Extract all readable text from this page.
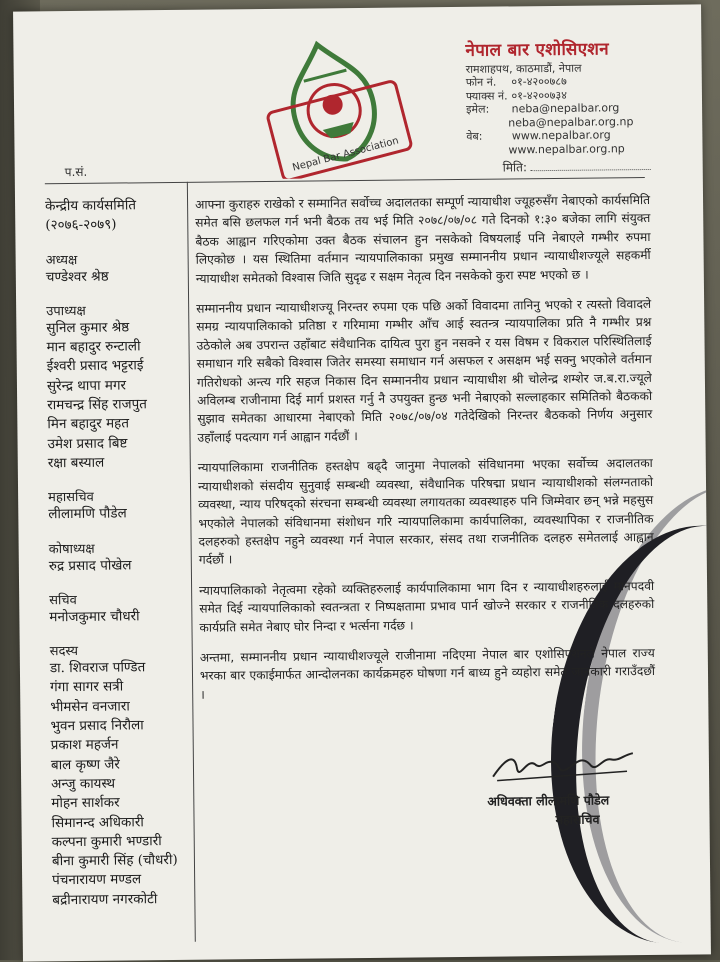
Nepal Bar Association
नेपाल बार एशोसिएशन
रामशाहपथ, काठमाडौं, नेपाल
फोन नं. ०१-४२००७८७
फ्याक्स नं. ०१-४२००७३४
इमेल: neba@nepalbar.org
neba@nepalbar.org.np
वेब:	www.nepalbar.org
www.nepalbar.org.np
प.सं.	मिति:
केन्द्रीय कार्यसमिति
(२०७६-२०७९)
अध्यक्ष
चण्डेश्वर श्रेष्ठ
उपाध्यक्ष
सुनिल कुमार श्रेष्ठ
मान बहादुर रुन्टाली
ईश्वरी प्रसाद भट्टराई
सुरेन्द्र थापा मगर
रामचन्द्र सिंह राजपुत
मिन बहादुर महत
उमेश प्रसाद बिष्ट
रक्षा बस्याल
महासचिव
लीलामणि पौडेल
कोषाध्यक्ष
रुद्र प्रसाद पोखेल
सचिव
मनोजकुमार चौधरी
सदस्य
डा. शिवराज पण्डित
गंगा सागर सत्री
भीमसेन वनजारा
भुवन प्रसाद निरौला
प्रकाश महर्जन
बाल कृष्ण जैरे
अन्जु कायस्थ
मोहन सार्शकर
सिमानन्द अधिकारी
कल्पना कुमारी भण्डारी
बीना कुमारी सिंह (चौधरी)
पंचनारायण मण्डल
बद्रीनारायण नगरकोटी

आफ्ना कुराहरु राखेको र सम्मानित सर्वोच्च अदालतका सम्पूर्ण न्यायाधीश ज्यूहरुसँग नेबाएको कार्यसमिति समेत बसि छलफल गर्न भनी बैठक तय भई मिति २०७८/०७/०८ गते दिनको १:३० बजेका लागि संयुक्त बैठक आह्वान गरिएकोमा उक्त बैठक संचालन हुन नसकेको विषयलाई पनि नेबाएले गम्भीर रुपमा लिएकोछ । यस स्थितिमा वर्तमान न्यायपालिकाका प्रमुख सम्माननीय प्रधान न्यायाधीशज्यूले सहकर्मी न्यायाधीश समेतको विश्वास जिति सुदृढ र सक्षम नेतृत्व दिन नसकेको कुरा स्पष्ट भएको छ ।

सम्माननीय प्रधान न्यायाधीशज्यू निरन्तर रुपमा एक पछि अर्को विवादमा तानिनु भएको र त्यस्तो विवादले समग्र न्यायपालिकाको प्रतिष्ठा र गरिमामा गम्भीर आँच आई स्वतन्त्र न्यायपालिका प्रति नै गम्भीर प्रश्न उठेकोले अब उपरान्त उहाँबाट संवैधानिक दायित्व पुरा हुन नसक्ने र यस विषम र विकराल परिस्थितिलाई समाधान गरि सबैको विश्वास जितेर समस्या समाधान गर्न असफल र असक्षम भई सक्नु भएकोले वर्तमान गतिरोधको अन्त्य गरि सहज निकास दिन सम्माननीय प्रधान न्यायाधीश श्री चोलेन्द्र शम्शेर ज.ब.रा.ज्यूले अविलम्ब राजीनामा दिई मार्ग प्रशस्त गर्नु नै उपयुक्त हुन्छ भनी नेबाएको सल्लाहकार समितिको बैठकको सुझाव समेतका आधारमा नेबाएको मिति २०७८/०७/०४ गतेदेखिको निरन्तर बैठकको निर्णय अनुसार उहाँलाई पदत्याग गर्न आह्वान गर्दछौं ।

न्यायपालिकामा राजनीतिक हस्तक्षेप बढ्दै जानुमा नेपालको संविधानमा भएका सर्वोच्च अदालतका न्यायाधीशको संसदीय सुनुवाई सम्बन्धी व्यवस्था, संवैधानिक परिषद्मा प्रधान न्यायाधीशको संलग्नताको व्यवस्था, न्याय परिषद्को संरचना सम्बन्धी व्यवस्था लगायतका व्यवस्थाहरु पनि जिम्मेवार छन् भन्ने महसुस भएकोले नेपालको संविधानमा संशोधन गरि न्यायपालिकामा कार्यपालिका, व्यवस्थापिका र राजनीतिक दलहरुको हस्तक्षेप नहुने व्यवस्था गर्न नेपाल सरकार, संसद तथा राजनीतिक दलहरु समेतलाई आह्वान गर्दछौं ।

न्यायपालिकाको नेतृत्वमा रहेको व्यक्तिहरुलाई कार्यपालिकामा भाग दिन र न्यायाधीशहरुलाई मानपदवी समेत दिई न्यायपालिकाको स्वतन्त्रता र निष्पक्षतामा प्रभाव पार्न खोज्ने सरकार र राजनीतिक दलहरुको कार्यप्रति समेत नेबाए घोर निन्दा र भर्त्सना गर्दछ ।

अन्तमा, सम्माननीय प्रधान न्यायाधीशज्यूले राजीनामा नदिएमा नेपाल बार एशोसिएशनले नेपाल राज्य भरका बार एकाईमार्फत आन्दोलनका कार्यक्रमहरु घोषणा गर्न बाध्य हुने व्यहोरा समेत जानकारी गराउँदछौं ।

अधिवक्ता लीलामणि पौडेल
महासचिव
